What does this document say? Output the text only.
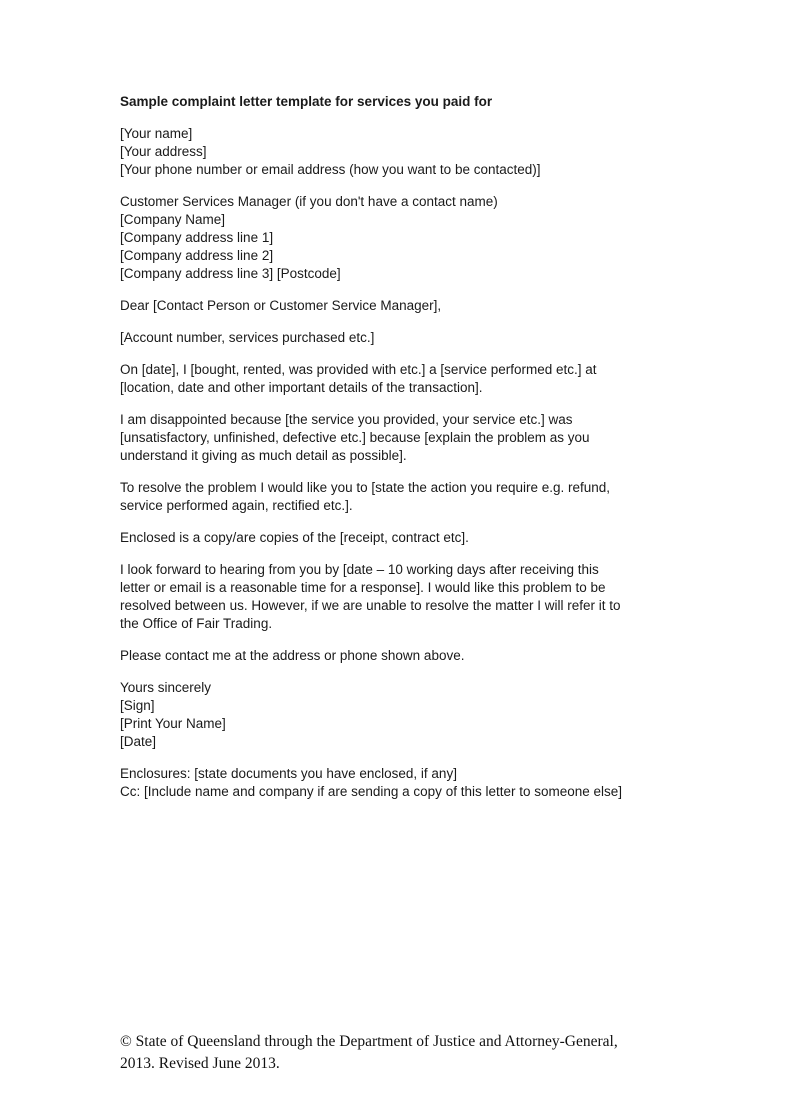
Sample complaint letter template for services you paid for
[Your name]
[Your address]
[Your phone number or email address (how you want to be contacted)]
Customer Services Manager (if you don't have a contact name)
[Company Name]
[Company address line 1]
[Company address line 2]
[Company address line 3] [Postcode]
Dear [Contact Person or Customer Service Manager],
[Account number, services purchased etc.]
On [date], I [bought, rented, was provided with etc.] a [service performed etc.] at
[location, date and other important details of the transaction].
I am disappointed because [the service you provided, your service etc.] was
[unsatisfactory, unfinished, defective etc.] because [explain the problem as you
understand it giving as much detail as possible].
To resolve the problem I would like you to [state the action you require e.g. refund,
service performed again, rectified etc.].
Enclosed is a copy/are copies of the [receipt, contract etc].
I look forward to hearing from you by [date – 10 working days after receiving this
letter or email is a reasonable time for a response]. I would like this problem to be
resolved between us. However, if we are unable to resolve the matter I will refer it to
the Office of Fair Trading.
Please contact me at the address or phone shown above.
Yours sincerely
[Sign]
[Print Your Name]
[Date]
Enclosures: [state documents you have enclosed, if any]
Cc: [Include name and company if are sending a copy of this letter to someone else]
© State of Queensland through the Department of Justice and Attorney-General,
2013. Revised June 2013.
